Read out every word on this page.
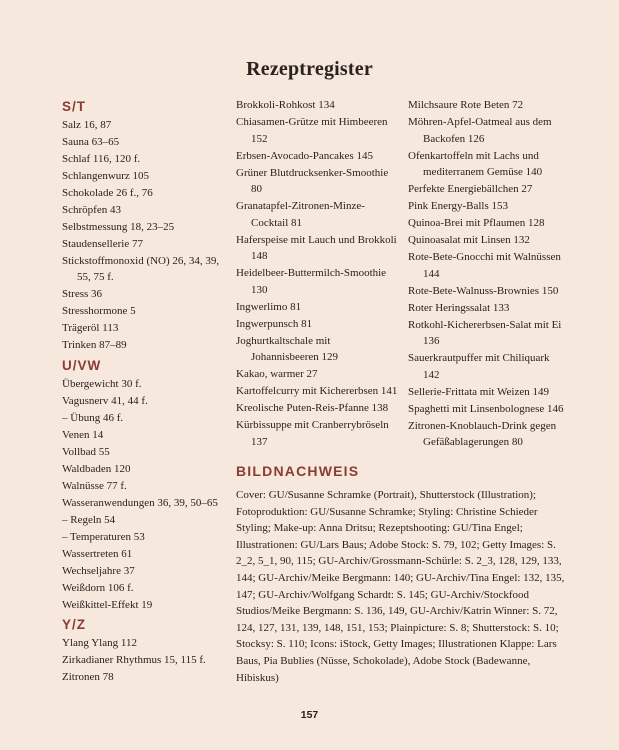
Rezeptregister
S/T
Salz 16, 87
Sauna 63–65
Schlaf 116, 120 f.
Schlangenwurz 105
Schokolade 26 f., 76
Schröpfen 43
Selbstmessung 18, 23–25
Staudensellerie 77
Stickstoffmonoxid (NO) 26, 34, 39, 55, 75 f.
Stress 36
Stresshormone 5
Trägeröl 113
Trinken 87–89
U/VW
Übergewicht 30 f.
Vagusnerv 41, 44 f.
– Übung 46 f.
Venen 14
Vollbad 55
Waldbaden 120
Walnüsse 77 f.
Wasseranwendungen 36, 39, 50–65
– Regeln 54
– Temperaturen 53
Wassertreten 61
Wechseljahre 37
Weißdorn 106 f.
Weißkittel-Effekt 19
Y/Z
Ylang Ylang 112
Zirkadianer Rhythmus 15, 115 f.
Zitronen 78
Brokkoli-Rohkost 134
Chiasamen-Grütze mit Himbeeren 152
Erbsen-Avocado-Pancakes 145
Grüner Blutdrucksenker-Smoothie 80
Granatapfel-Zitronen-Minze-Cocktail 81
Haferspeise mit Lauch und Brokkoli 148
Heidelbeer-Buttermilch-Smoothie 130
Ingwerlimo 81
Ingwerpunsch 81
Joghurtkaltschale mit Johannisbeeren 129
Kakao, warmer 27
Kartoffelcurry mit Kichererbsen 141
Kreolische Puten-Reis-Pfanne 138
Kürbissuppe mit Cranberrybröseln 137
Milchsaure Rote Beten 72
Möhren-Apfel-Oatmeal aus dem Backofen 126
Ofenkartoffeln mit Lachs und mediterranem Gemüse 140
Perfekte Energiebällchen 27
Pink Energy-Balls 153
Quinoa-Brei mit Pflaumen 128
Quinoasalat mit Linsen 132
Rote-Bete-Gnocchi mit Walnüssen 144
Rote-Bete-Walnuss-Brownies 150
Roter Heringssalat 133
Rotkohl-Kichererbsen-Salat mit Ei 136
Sauerkrautpuffer mit Chiliquark 142
Sellerie-Frittata mit Weizen 149
Spaghetti mit Linsenbolognese 146
Zitronen-Knoblauch-Drink gegen Gefäßablagerungen 80
BILDNACHWEIS
Cover: GU/Susanne Schramke (Portrait), Shutterstock (Illustration); Fotoproduktion: GU/Susanne Schramke; Styling: Christine Schieder Styling; Make-up: Anna Dritsu; Rezeptshooting: GU/Tina Engel; Illustrationen: GU/Lars Baus; Adobe Stock: S. 79, 102; Getty Images: S. 2_2, 5_1, 90, 115; GU-Archiv/Grossmann-Schürle: S. 2_3, 128, 129, 133, 144; GU-Archiv/Meike Bergmann: 140; GU-Archiv/Tina Engel: 132, 135, 147; GU-Archiv/Wolfgang Schardt: S. 145; GU-Archiv/Stockfood Studios/Meike Bergmann: S. 136, 149, GU-Archiv/Katrin Winner: S. 72, 124, 127, 131, 139, 148, 151, 153; Plainpicture: S. 8; Shutterstock: S. 10; Stocksy: S. 110; Icons: iStock, Getty Images; Illustrationen Klappe: Lars Baus, Pia Bublies (Nüsse, Schokolade), Adobe Stock (Badewanne, Hibiskus)
157
